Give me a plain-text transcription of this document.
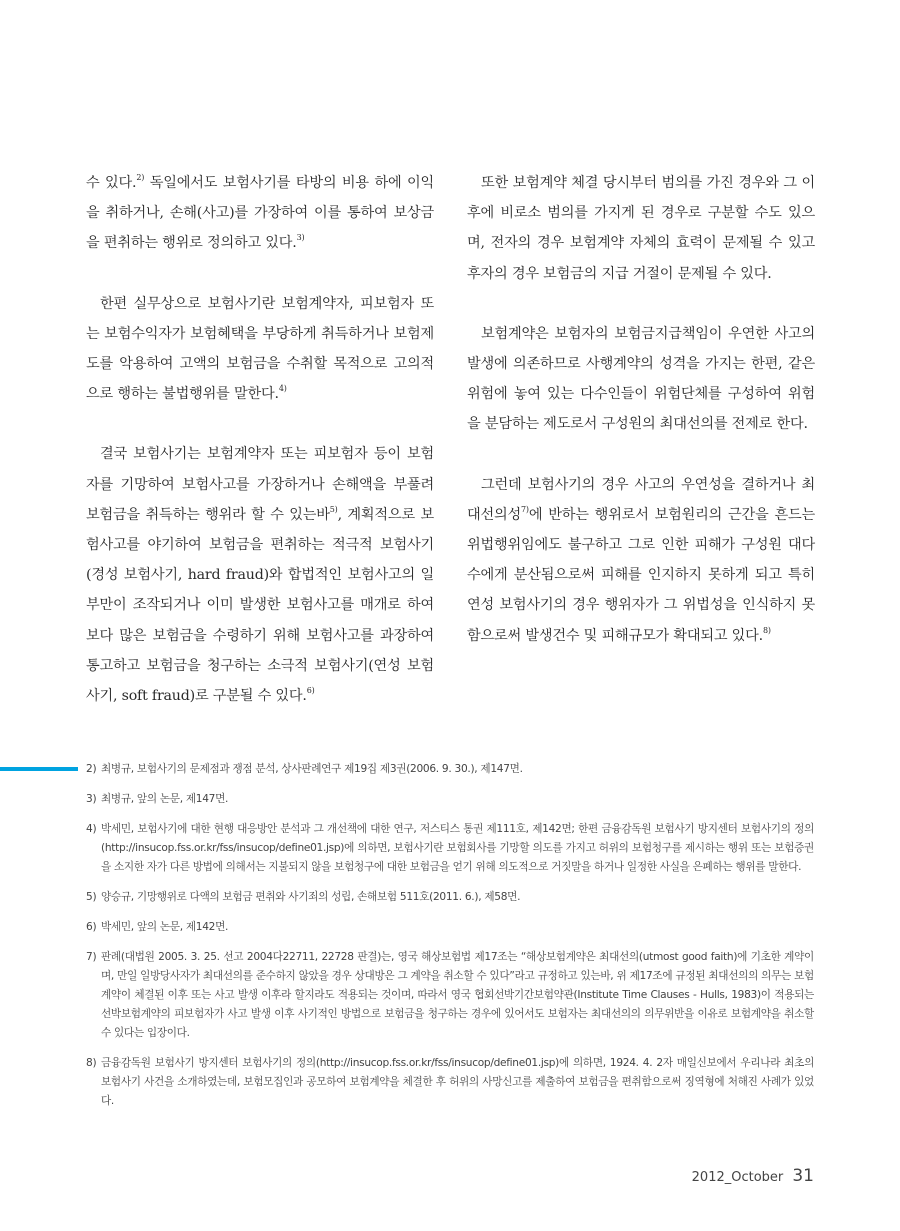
수 있다.$^{2)}$ 독일에서도 보험사기를 타방의 비용 하에 이익을 취하거나, 손해(사고)를 가장하여 이를 통하여 보상금을 편취하는 행위로 정의하고 있다.$^{3)}$

한편 실무상으로 보험사기란 보험계약자, 피보험자 또는 보험수익자가 보험혜택을 부당하게 취득하거나 보험제도를 악용하여 고액의 보험금을 수취할 목적으로 고의적으로 행하는 불법행위를 말한다.$^{4)}$

결국 보험사기는 보험계약자 또는 피보험자 등이 보험자를 기망하여 보험사고를 가장하거나 손해액을 부풀려 보험금을 취득하는 행위라 할 수 있는바$^{5)}$, 계획적으로 보험사고를 야기하여 보험금을 편취하는 적극적 보험사기(경성 보험사기, hard fraud)와 합법적인 보험사고의 일부만이 조작되거나 이미 발생한 보험사고를 매개로 하여 보다 많은 보험금을 수령하기 위해 보험사고를 과장하여 통고하고 보험금을 청구하는 소극적 보험사기(연성 보험사기, soft fraud)로 구분될 수 있다.$^{6)}$

또한 보험계약 체결 당시부터 범의를 가진 경우와 그 이후에 비로소 범의를 가지게 된 경우로 구분할 수도 있으며, 전자의 경우 보험계약 자체의 효력이 문제될 수 있고 후자의 경우 보험금의 지급 거절이 문제될 수 있다.

보험계약은 보험자의 보험금지급책임이 우연한 사고의 발생에 의존하므로 사행계약의 성격을 가지는 한편, 같은 위험에 놓여 있는 다수인들이 위험단체를 구성하여 위험을 분담하는 제도로서 구성원의 최대선의를 전제로 한다.

그런데 보험사기의 경우 사고의 우연성을 결하거나 최대선의성$^{7)}$에 반하는 행위로서 보험원리의 근간을 흔드는 위법행위임에도 불구하고 그로 인한 피해가 구성원 대다수에게 분산됨으로써 피해를 인지하지 못하게 되고 특히 연성 보험사기의 경우 행위자가 그 위법성을 인식하지 못함으로써 발생건수 및 피해규모가 확대되고 있다.$^{8)}$

2) 최병규, 보험사기의 문제점과 쟁점 분석, 상사판례연구 제19집 제3권(2006. 9. 30.), 제147면.
3) 최병규, 앞의 논문, 제147면.
4) 박세민, 보험사기에 대한 현행 대응방안 분석과 그 개선책에 대한 연구, 저스티스 통권 제111호, 제142면; 한편 금융감독원 보험사기 방지센터 보험사기의 정의(http://insucop.fss.or.kr/fss/insucop/define01.jsp)에 의하면, 보험사기란 보험회사를 기망할 의도를 가지고 허위의 보험청구를 제시하는 행위 또는 보험증권을 소지한 자가 다른 방법에 의해서는 지불되지 않을 보험청구에 대한 보험금을 얻기 위해 의도적으로 거짓말을 하거나 일정한 사실을 은폐하는 행위를 말한다.
5) 양승규, 기망행위로 다액의 보험금 편취와 사기죄의 성립, 손해보험 511호(2011. 6.), 제58면.
6) 박세민, 앞의 논문, 제142면.
7) 판례(대법원 2005. 3. 25. 선고 2004다22711, 22728 판결)는, 영국 해상보험법 제17조는 “해상보험계약은 최대선의(utmost good faith)에 기초한 계약이며, 만일 일방당사자가 최대선의를 준수하지 않았을 경우 상대방은 그 계약을 취소할 수 있다”라고 규정하고 있는바, 위 제17조에 규정된 최대선의의 의무는 보험계약이 체결된 이후 또는 사고 발생 이후라 할지라도 적용되는 것이며, 따라서 영국 협회선박기간보험약관(Institute Time Clauses - Hulls, 1983)이 적용되는 선박보험계약의 피보험자가 사고 발생 이후 사기적인 방법으로 보험금을 청구하는 경우에 있어서도 보험자는 최대선의의 의무위반을 이유로 보험계약을 취소할 수 있다는 입장이다.
8) 금융감독원 보험사기 방지센터 보험사기의 정의(http://insucop.fss.or.kr/fss/insucop/define01.jsp)에 의하면, 1924. 4. 2자 매일신보에서 우리나라 최초의 보험사기 사건을 소개하였는데, 보험모집인과 공모하여 보험계약을 체결한 후 허위의 사망신고를 제출하여 보험금을 편취함으로써 징역형에 처해진 사례가 있었다.
2012_October 31
